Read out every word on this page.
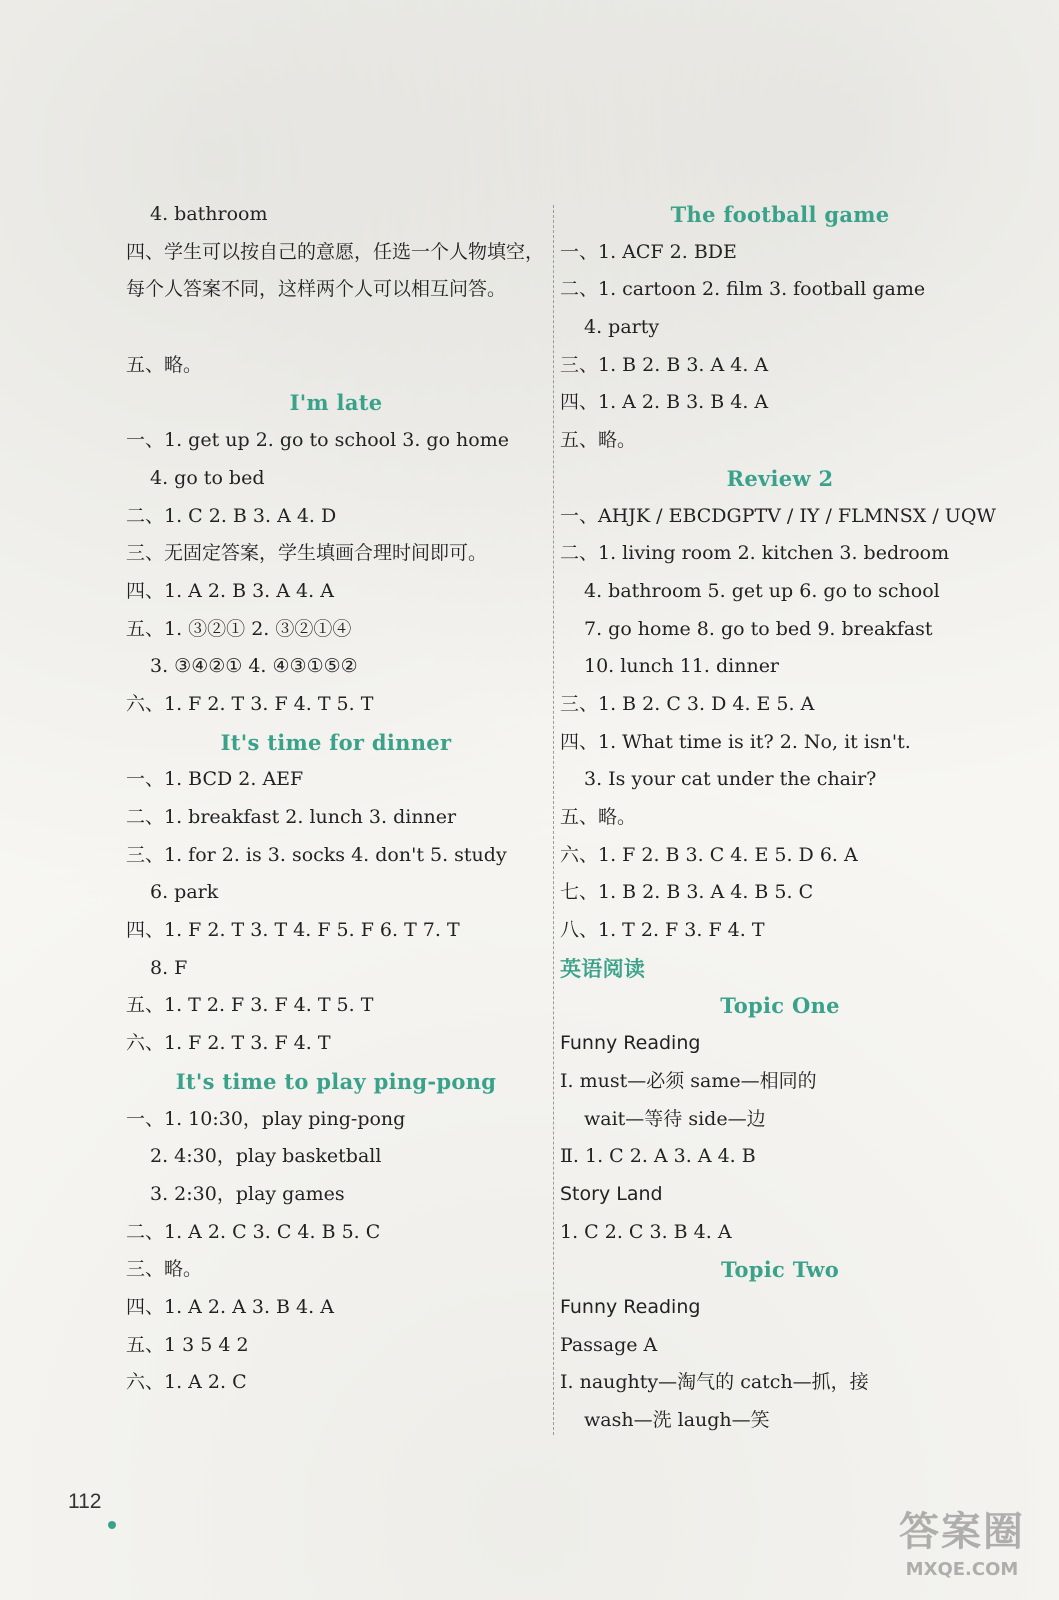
4. bathroom
四、学生可以按自己的意愿，任选一个人物填空，每个人答案不同，这样两个人可以相互问答。
五、略。
I'm late
一、1. get up 2. go to school 3. go home
4. go to bed
二、1. C 2. B 3. A 4. D
三、无固定答案，学生填画合理时间即可。
四、1. A 2. B 3. A 4. A
五、1. ③②① 2. ③②①④
3. ③④②① 4. ④③①⑤②
六、1. F 2. T 3. F 4. T 5. T
It's time for dinner
一、1. BCD 2. AEF
二、1. breakfast 2. lunch 3. dinner
三、1. for 2. is 3. socks 4. don't 5. study
6. park
四、1. F 2. T 3. T 4. F 5. F 6. T 7. T
8. F
五、1. T 2. F 3. F 4. T 5. T
六、1. F 2. T 3. F 4. T
It's time to play ping-pong
一、1. 10:30，play ping-pong
2. 4:30，play basketball
3. 2:30，play games
二、1. A 2. C 3. C 4. B 5. C
三、略。
四、1. A 2. A 3. B 4. A
五、1 3 5 4 2
六、1. A 2. C
The football game
一、1. ACF 2. BDE
二、1. cartoon 2. film 3. football game
4. party
三、1. B 2. B 3. A 4. A
四、1. A 2. B 3. B 4. A
五、略。
Review 2
一、AHJK / EBCDGPTV / IY / FLMNSX / UQW
二、1. living room 2. kitchen 3. bedroom
4. bathroom 5. get up 6. go to school
7. go home 8. go to bed 9. breakfast
10. lunch 11. dinner
三、1. B 2. C 3. D 4. E 5. A
四、1. What time is it? 2. No, it isn't.
3. Is your cat under the chair?
五、略。
六、1. F 2. B 3. C 4. E 5. D 6. A
七、1. B 2. B 3. A 4. B 5. C
八、1. T 2. F 3. F 4. T
英语阅读
Topic One
Funny Reading
Ⅰ. must—必须 same—相同的
wait—等待 side—边
Ⅱ. 1. C 2. A 3. A 4. B
Story Land
1. C 2. C 3. B 4. A
Topic Two
Funny Reading
Passage A
Ⅰ. naughty—淘气的 catch—抓，接
wash—洗 laugh—笑
112
答案圈
MXQE.COM
